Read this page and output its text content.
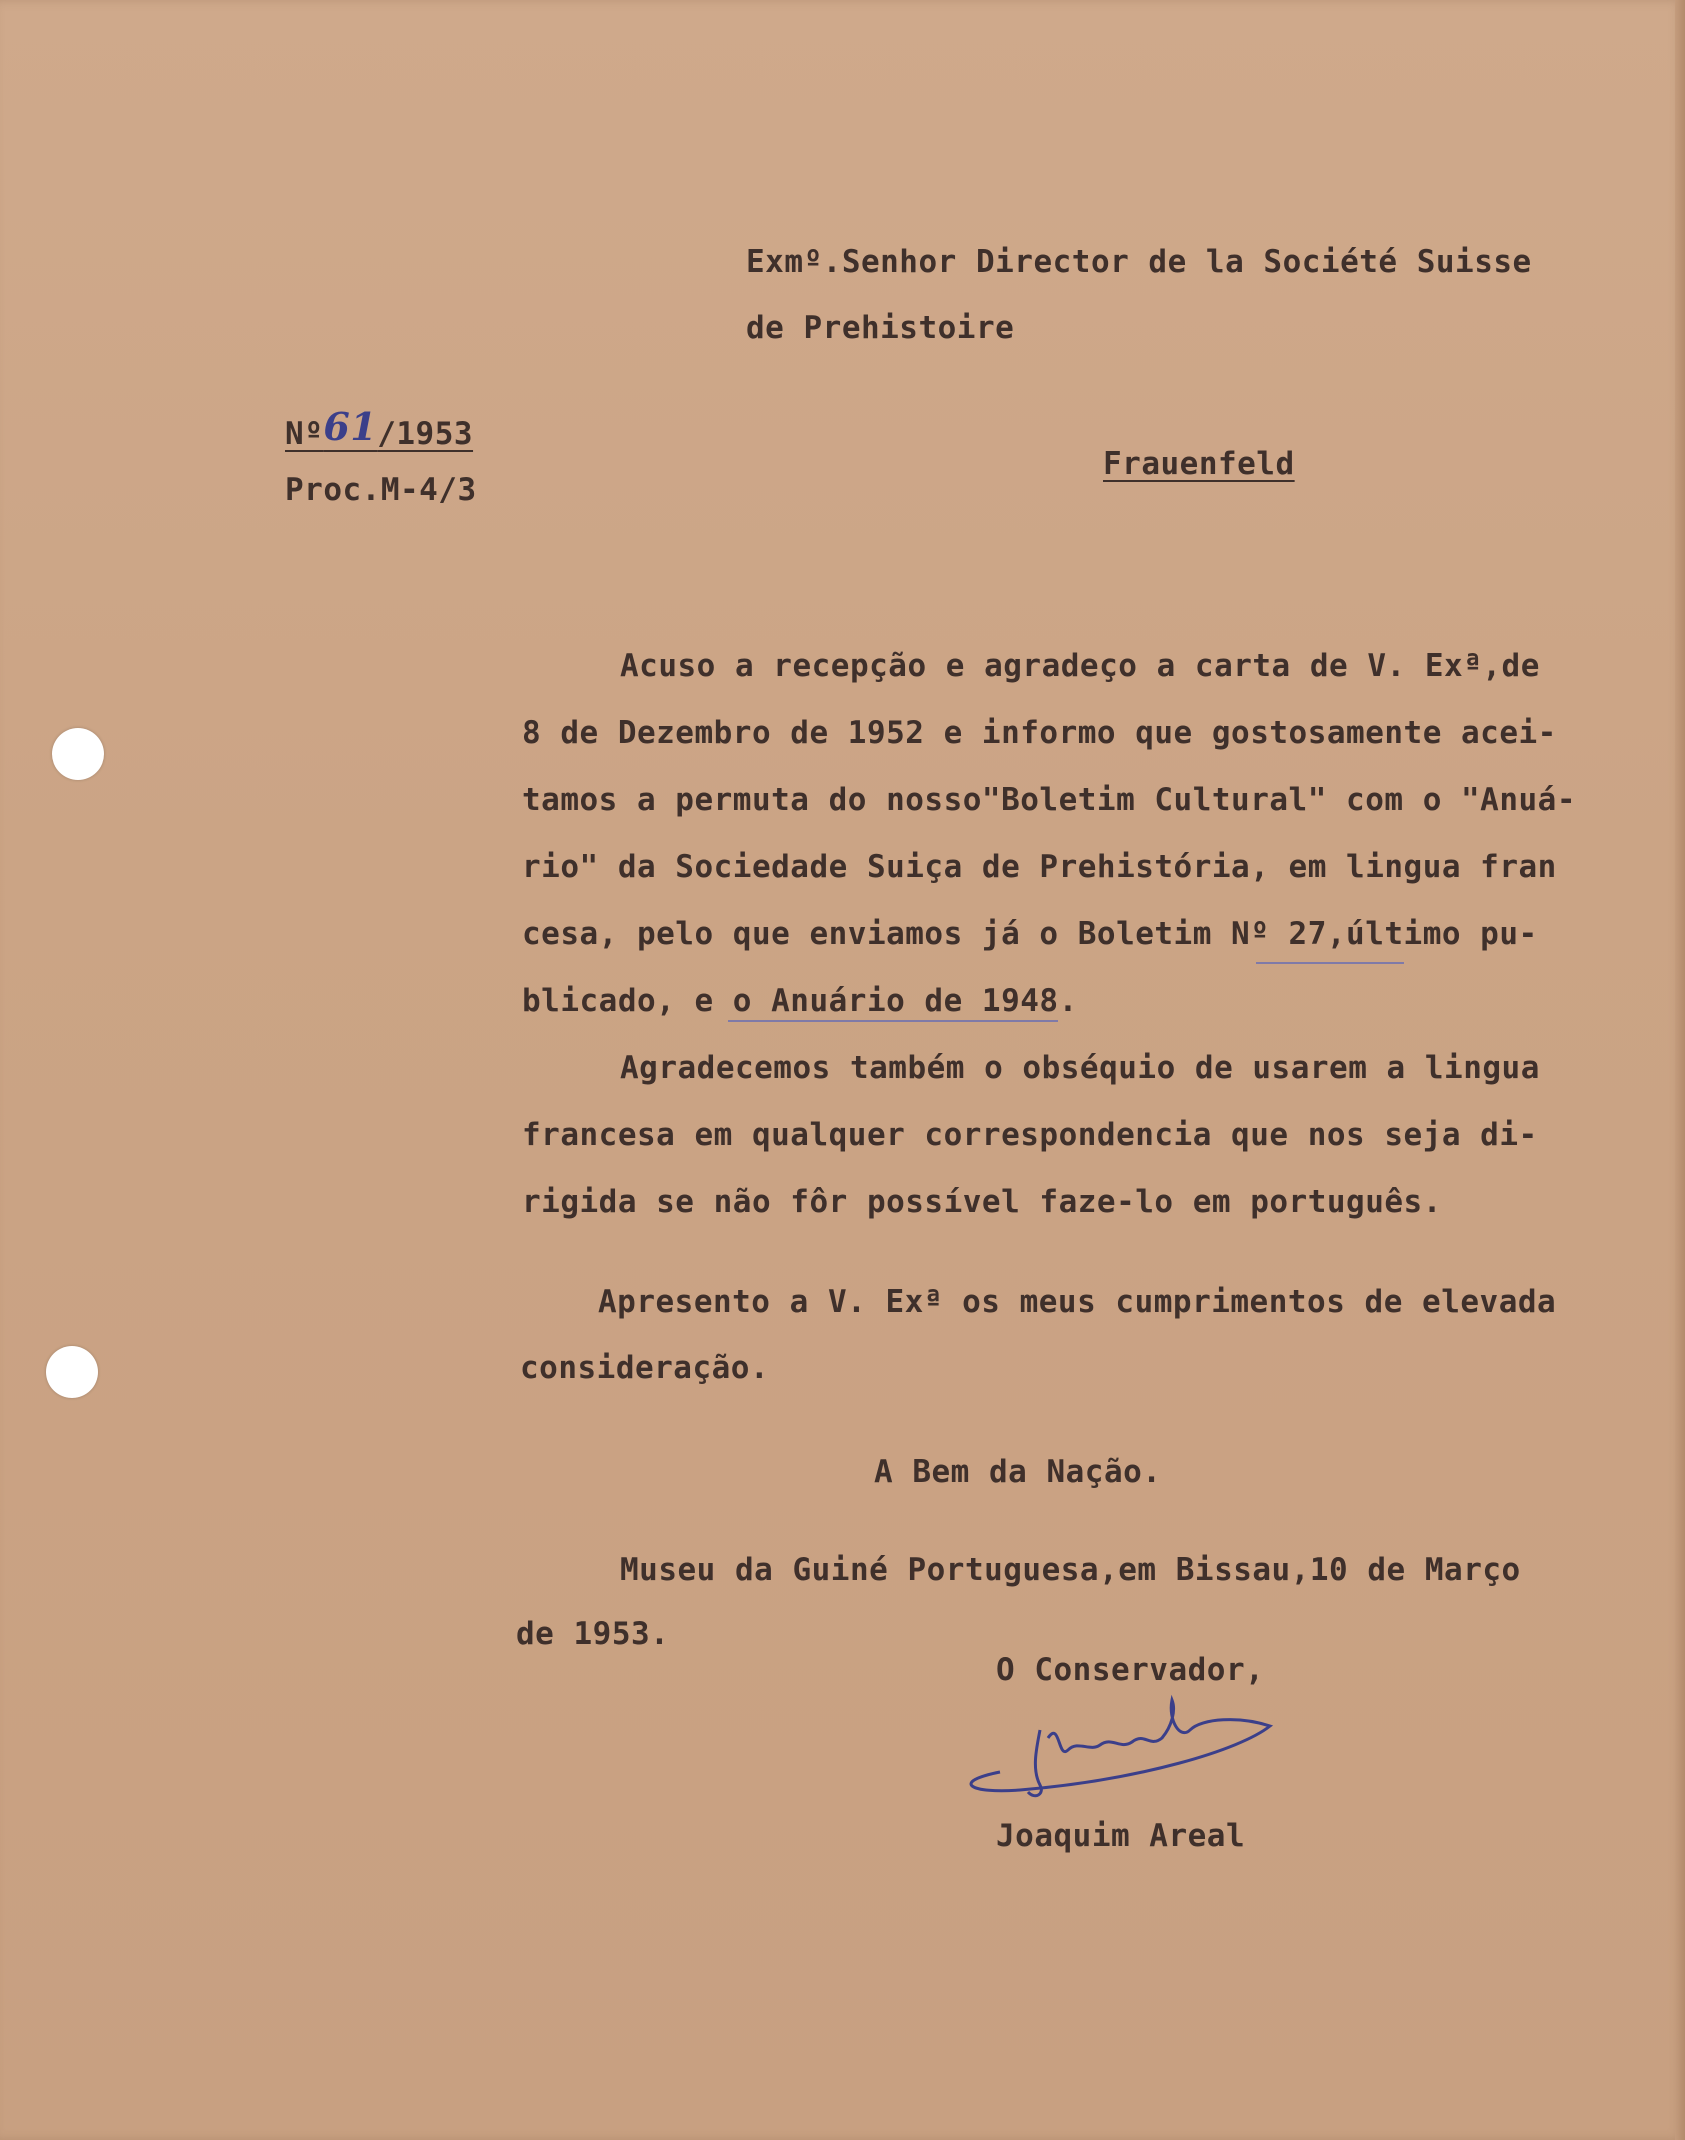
Exmº.Senhor Director de la Société Suisse
de Prehistoire
Frauenfeld
Nº61/1953
Proc.M-4/3
Acuso a recepção e agradeço a carta de V. Exª,de
8 de Dezembro de 1952 e informo que gostosamente acei-
tamos a permuta do nosso"Boletim Cultural" com o "Anuá-
rio" da Sociedade Suiça de Prehistória, em lingua fran
cesa, pelo que enviamos já o Boletim Nº 27,último pu-
blicado, e o Anuário de 1948.
Agradecemos também o obséquio de usarem a lingua
francesa em qualquer correspondencia que nos seja di-
rigida se não fôr possível faze-lo em português.
Apresento a V. Exª os meus cumprimentos de elevada
consideração.
A Bem da Nação.
Museu da Guiné Portuguesa,em Bissau,10 de Março
de 1953.
O Conservador,
Joaquim Areal
